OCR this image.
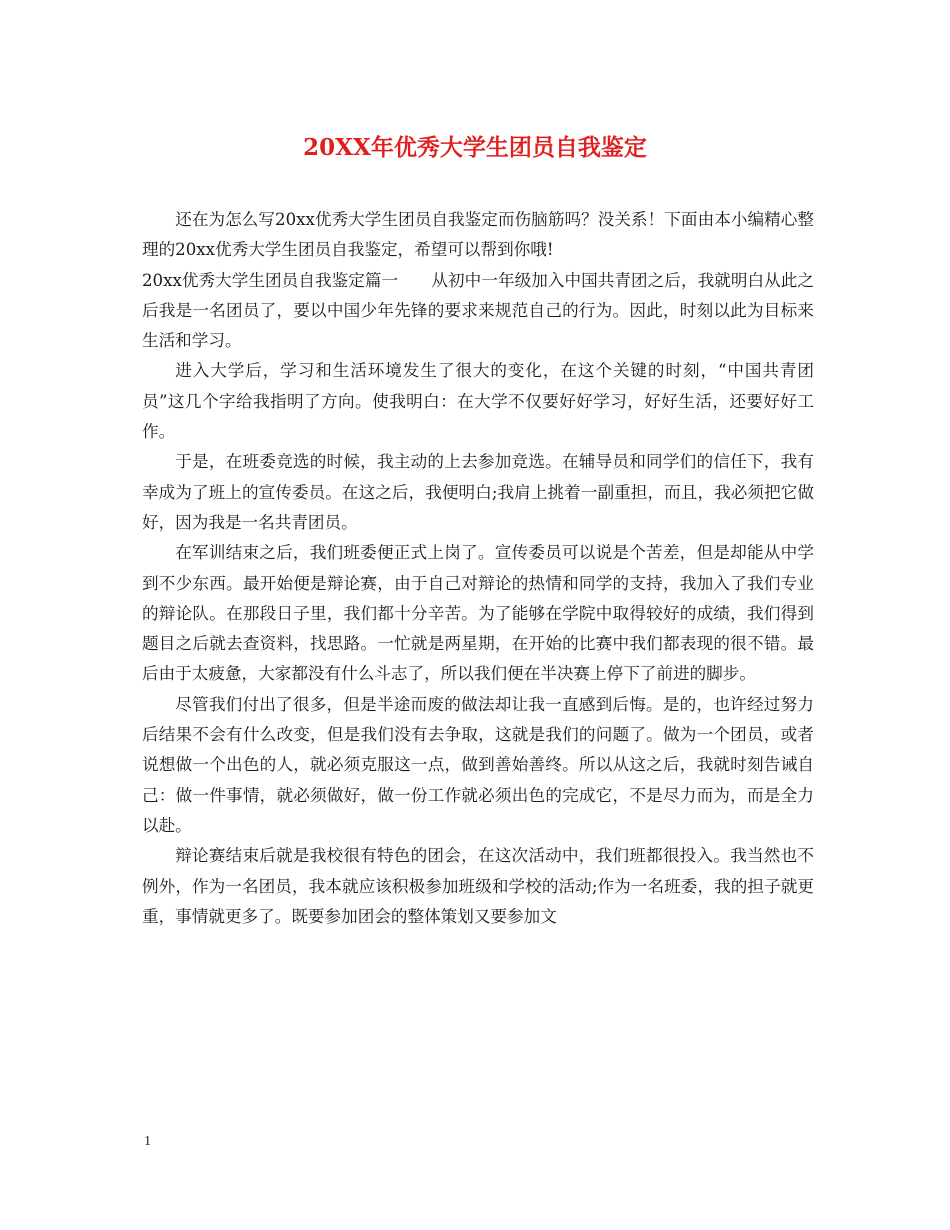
20XX年优秀大学生团员自我鉴定

还在为怎么写20xx优秀大学生团员自我鉴定而伤脑筋吗？没关系！下面由本小编精心整理的20xx优秀大学生团员自我鉴定，希望可以帮到你哦!

20xx优秀大学生团员自我鉴定篇一　　从初中一年级加入中国共青团之后，我就明白从此之后我是一名团员了，要以中国少年先锋的要求来规范自己的行为。因此，时刻以此为目标来生活和学习。

进入大学后，学习和生活环境发生了很大的变化，在这个关键的时刻，“中国共青团员”这几个字给我指明了方向。使我明白：在大学不仅要好好学习，好好生活，还要好好工作。

于是，在班委竞选的时候，我主动的上去参加竞选。在辅导员和同学们的信任下，我有幸成为了班上的宣传委员。在这之后，我便明白;我肩上挑着一副重担，而且，我必须把它做好，因为我是一名共青团员。

在军训结束之后，我们班委便正式上岗了。宣传委员可以说是个苦差，但是却能从中学到不少东西。最开始便是辩论赛，由于自己对辩论的热情和同学的支持，我加入了我们专业的辩论队。在那段日子里，我们都十分辛苦。为了能够在学院中取得较好的成绩，我们得到题目之后就去查资料，找思路。一忙就是两星期，在开始的比赛中我们都表现的很不错。最后由于太疲惫，大家都没有什么斗志了，所以我们便在半决赛上停下了前进的脚步。

尽管我们付出了很多，但是半途而废的做法却让我一直感到后悔。是的，也许经过努力后结果不会有什么改变，但是我们没有去争取，这就是我们的问题了。做为一个团员，或者说想做一个出色的人，就必须克服这一点，做到善始善终。所以从这之后，我就时刻告诫自己：做一件事情，就必须做好，做一份工作就必须出色的完成它，不是尽力而为，而是全力以赴。

辩论赛结束后就是我校很有特色的团会，在这次活动中，我们班都很投入。我当然也不例外，作为一名团员，我本就应该积极参加班级和学校的活动;作为一名班委，我的担子就更重，事情就更多了。既要参加团会的整体策划又要参加文

1
